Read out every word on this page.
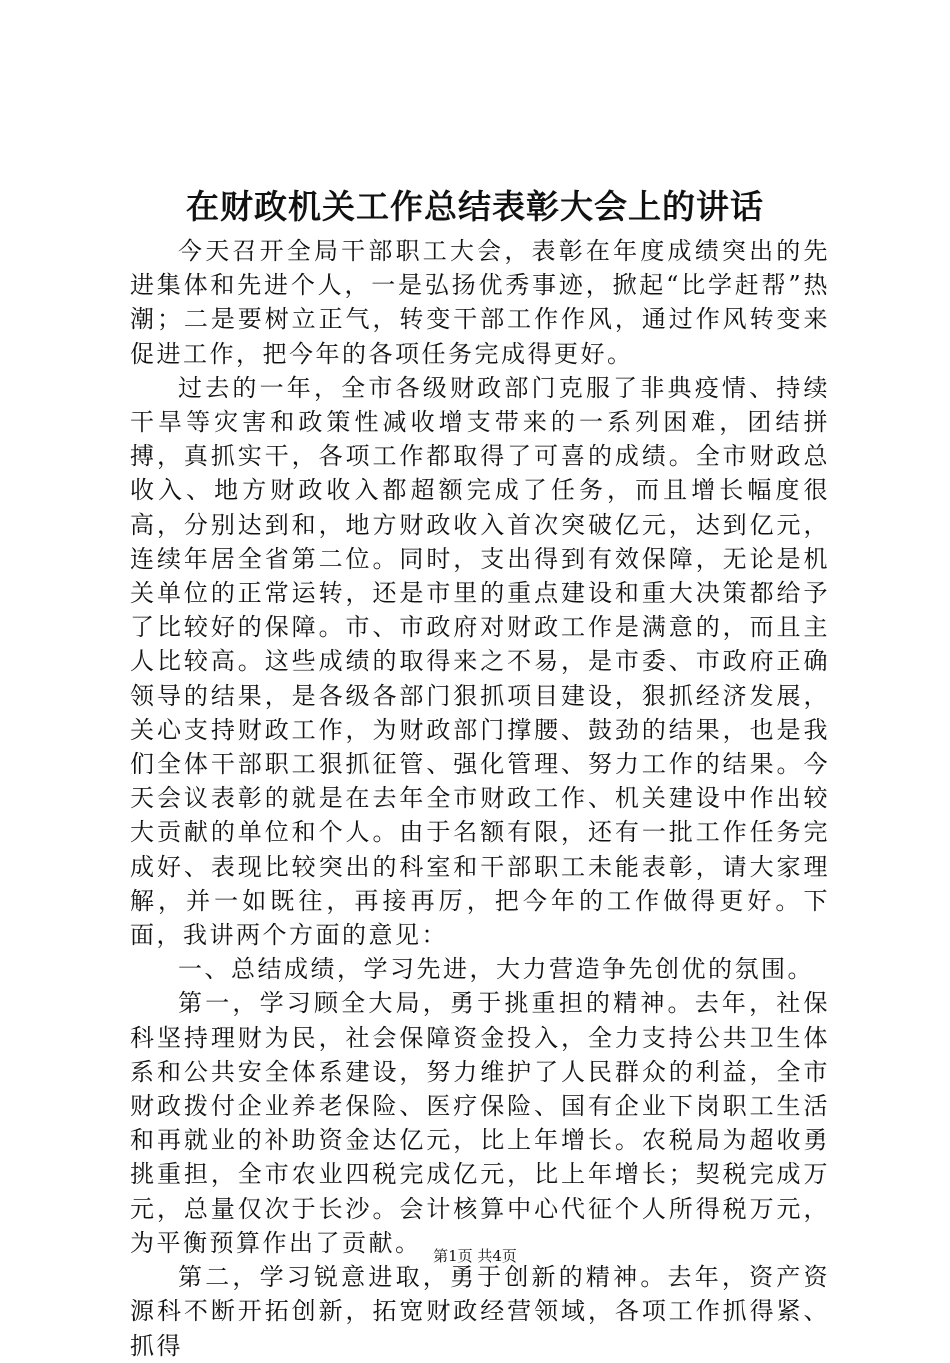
在财政机关工作总结表彰大会上的讲话

今天召开全局干部职工大会，表彰在年度成绩突出的先进集体和先进个人，一是弘扬优秀事迹，掀起“比学赶帮”热潮；二是要树立正气，转变干部工作作风，通过作风转变来促进工作，把今年的各项任务完成得更好。

过去的一年，全市各级财政部门克服了非典疫情、持续干旱等灾害和政策性减收增支带来的一系列困难，团结拼搏，真抓实干，各项工作都取得了可喜的成绩。全市财政总收入、地方财政收入都超额完成了任务，而且增长幅度很高，分别达到和，地方财政收入首次突破亿元，达到亿元，连续年居全省第二位。同时，支出得到有效保障，无论是机关单位的正常运转，还是市里的重点建设和重大决策都给予了比较好的保障。市、市政府对财政工作是满意的，而且主人比较高。这些成绩的取得来之不易，是市委、市政府正确领导的结果，是各级各部门狠抓项目建设，狠抓经济发展，关心支持财政工作，为财政部门撑腰、鼓劲的结果，也是我们全体干部职工狠抓征管、强化管理、努力工作的结果。今天会议表彰的就是在去年全市财政工作、机关建设中作出较大贡献的单位和个人。由于名额有限，还有一批工作任务完成好、表现比较突出的科室和干部职工未能表彰，请大家理解，并一如既往，再接再厉，把今年的工作做得更好。下面，我讲两个方面的意见：

一、总结成绩，学习先进，大力营造争先创优的氛围。

第一，学习顾全大局，勇于挑重担的精神。去年，社保科坚持理财为民，社会保障资金投入，全力支持公共卫生体系和公共安全体系建设，努力维护了人民群众的利益，全市财政拨付企业养老保险、医疗保险、国有企业下岗职工生活和再就业的补助资金达亿元，比上年增长。农税局为超收勇挑重担，全市农业四税完成亿元，比上年增长；契税完成万元，总量仅次于长沙。会计核算中心代征个人所得税万元，为平衡预算作出了贡献。

第二，学习锐意进取，勇于创新的精神。去年，资产资源科不断开拓创新，拓宽财政经营领域，各项工作抓得紧、抓得

第1页 共4页
